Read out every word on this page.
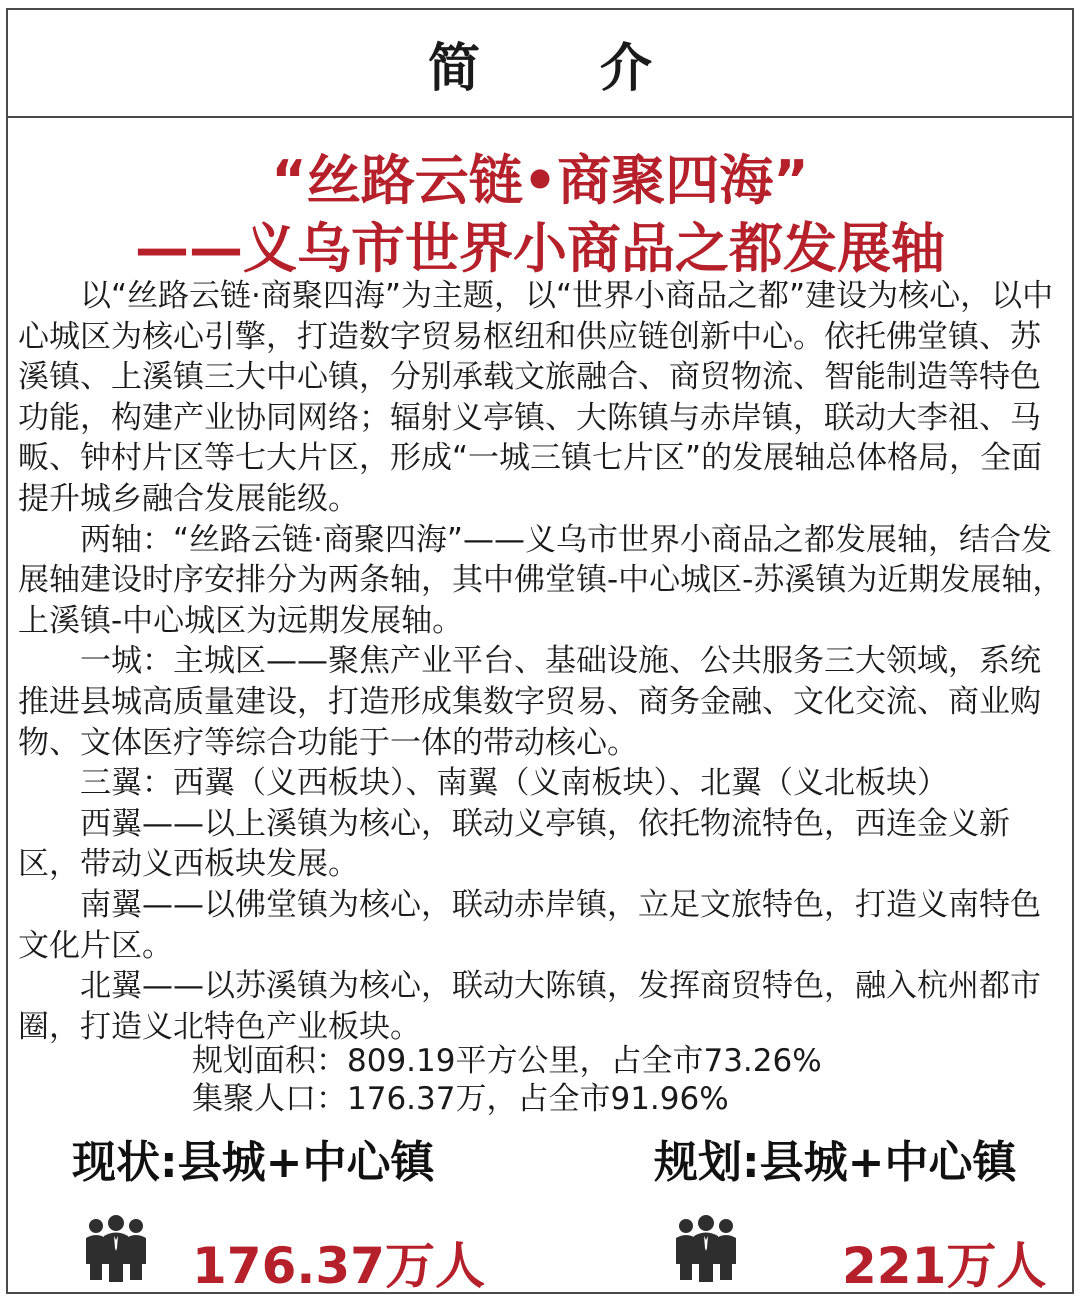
简介
“丝路云链•商聚四海”
——义乌市世界小商品之都发展轴

以“丝路云链·商聚四海”为主题，以“世界小商品之都”建设为核心，以中心城区为核心引擎，打造数字贸易枢纽和供应链创新中心。依托佛堂镇、苏溪镇、上溪镇三大中心镇，分别承载文旅融合、商贸物流、智能制造等特色功能，构建产业协同网络；辐射义亭镇、大陈镇与赤岸镇，联动大李祖、马畈、钟村片区等七大片区，形成“一城三镇七片区”的发展轴总体格局，全面提升城乡融合发展能级。

两轴：“丝路云链·商聚四海”——义乌市世界小商品之都发展轴，结合发展轴建设时序安排分为两条轴，其中佛堂镇-中心城区-苏溪镇为近期发展轴，上溪镇-中心城区为远期发展轴。

一城：主城区——聚焦产业平台、基础设施、公共服务三大领域，系统推进县城高质量建设，打造形成集数字贸易、商务金融、文化交流、商业购物、文体医疗等综合功能于一体的带动核心。

三翼：西翼（义西板块）、南翼（义南板块）、北翼（义北板块）

西翼——以上溪镇为核心，联动义亭镇，依托物流特色，西连金义新区，带动义西板块发展。

南翼——以佛堂镇为核心，联动赤岸镇，立足文旅特色，打造义南特色文化片区。

北翼——以苏溪镇为核心，联动大陈镇，发挥商贸特色，融入杭州都市圈，打造义北特色产业板块。

规划面积：809.19平方公里，占全市73.26%
集聚人口：176.37万，占全市91.96%
现状:县城+中心镇	规划:县城+中心镇
176.37万人	221万人
